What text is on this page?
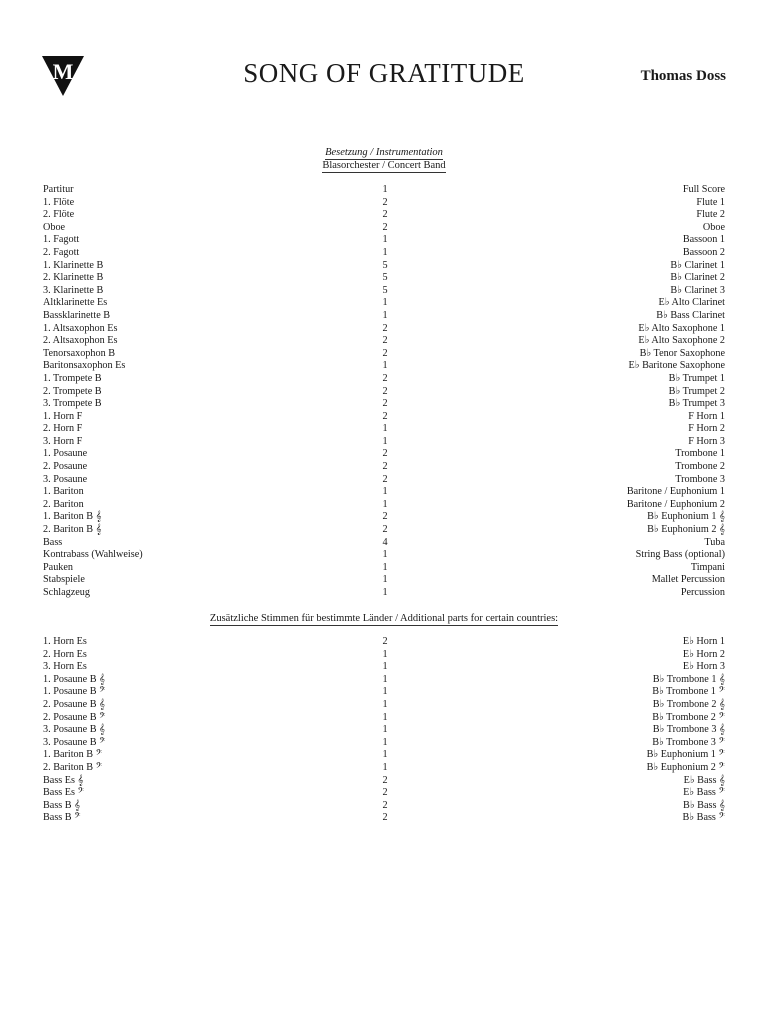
M	SONG OF GRATITUDE	Thomas Doss
Besetzung / Instrumentation
Blasorchester / Concert Band
Partitur	1	Full Score
1. Flöte	2	Flute 1
2. Flöte	2	Flute 2
Oboe	2	Oboe
1. Fagott	1	Bassoon 1
2. Fagott	1	Bassoon 2
1. Klarinette B	5	B♭ Clarinet 1
2. Klarinette B	5	B♭ Clarinet 2
3. Klarinette B	5	B♭ Clarinet 3
Altklarinette Es	1	E♭ Alto Clarinet
Bassklarinette B	1	B♭ Bass Clarinet
1. Altsaxophon Es	2	E♭ Alto Saxophone 1
2. Altsaxophon Es	2	E♭ Alto Saxophone 2
Tenorsaxophon B	2	B♭ Tenor Saxophone
Baritonsaxophon Es	1	E♭ Baritone Saxophone
1. Trompete B	2	B♭ Trumpet 1
2. Trompete B	2	B♭ Trumpet 2
3. Trompete B	2	B♭ Trumpet 3
1. Horn F	2	F Horn 1
2. Horn F	1	F Horn 2
3. Horn F	1	F Horn 3
1. Posaune	2	Trombone 1
2. Posaune	2	Trombone 2
3. Posaune	2	Trombone 3
1. Bariton	1	Baritone / Euphonium 1
2. Bariton	1	Baritone / Euphonium 2
1. Bariton B 𝄞	2	B♭ Euphonium 1 𝄞
2. Bariton B 𝄞	2	B♭ Euphonium 2 𝄞
Bass	4	Tuba
Kontrabass (Wahlweise)	1	String Bass (optional)
Pauken	1	Timpani
Stabspiele	1	Mallet Percussion
Schlagzeug	1	Percussion
Zusätzliche Stimmen für bestimmte Länder / Additional parts for certain countries:
1. Horn Es	2	E♭ Horn 1
2. Horn Es	1	E♭ Horn 2
3. Horn Es	1	E♭ Horn 3
1. Posaune B 𝄞	1	B♭ Trombone 1 𝄞
1. Posaune B 𝄢	1	B♭ Trombone 1 𝄢
2. Posaune B 𝄞	1	B♭ Trombone 2 𝄞
2. Posaune B 𝄢	1	B♭ Trombone 2 𝄢
3. Posaune B 𝄞	1	B♭ Trombone 3 𝄞
3. Posaune B 𝄢	1	B♭ Trombone 3 𝄢
1. Bariton B 𝄢	1	B♭ Euphonium 1 𝄢
2. Bariton B 𝄢	1	B♭ Euphonium 2 𝄢
Bass Es 𝄞	2	E♭ Bass 𝄞
Bass Es 𝄢	2	E♭ Bass 𝄢
Bass B 𝄞	2	B♭ Bass 𝄞
Bass B 𝄢	2	B♭ Bass 𝄢
